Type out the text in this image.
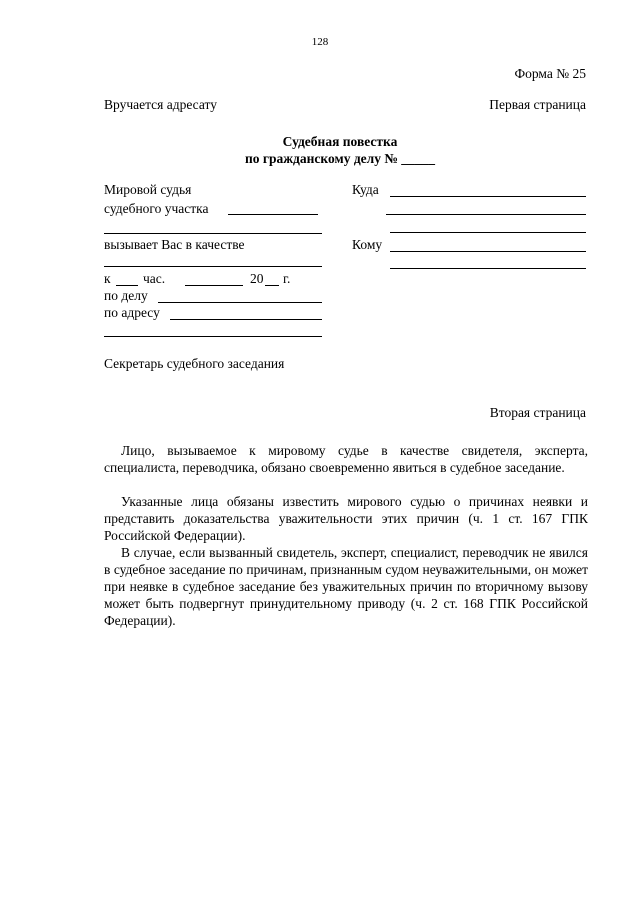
128
Форма № 25
Вручается адресату	Первая страница
Судебная повестка
по гражданскому делу № _____
Мировой судья
судебного участка
вызывает Вас в качестве
к час.	20 г.
по делу
по адресу
Секретарь судебного заседания
Куда
Кому
Вторая страница
Лицо, вызываемое к мировому судье в качестве свидетеля, эксперта, специалиста, переводчика, обязано своевременно явиться в судебное заседание.
Указанные лица обязаны известить мирового судью о причинах неявки и представить доказательства уважительности этих причин (ч. 1 ст. 167 ГПК Российской Федерации).
В случае, если вызванный свидетель, эксперт, специалист, переводчик не явился в судебное заседание по причинам, признанным судом неуважительными, он может при неявке в судебное заседание без уважительных причин по вторичному вызову может быть подвергнут принудительному приводу (ч. 2 ст. 168 ГПК Российской Федерации).
